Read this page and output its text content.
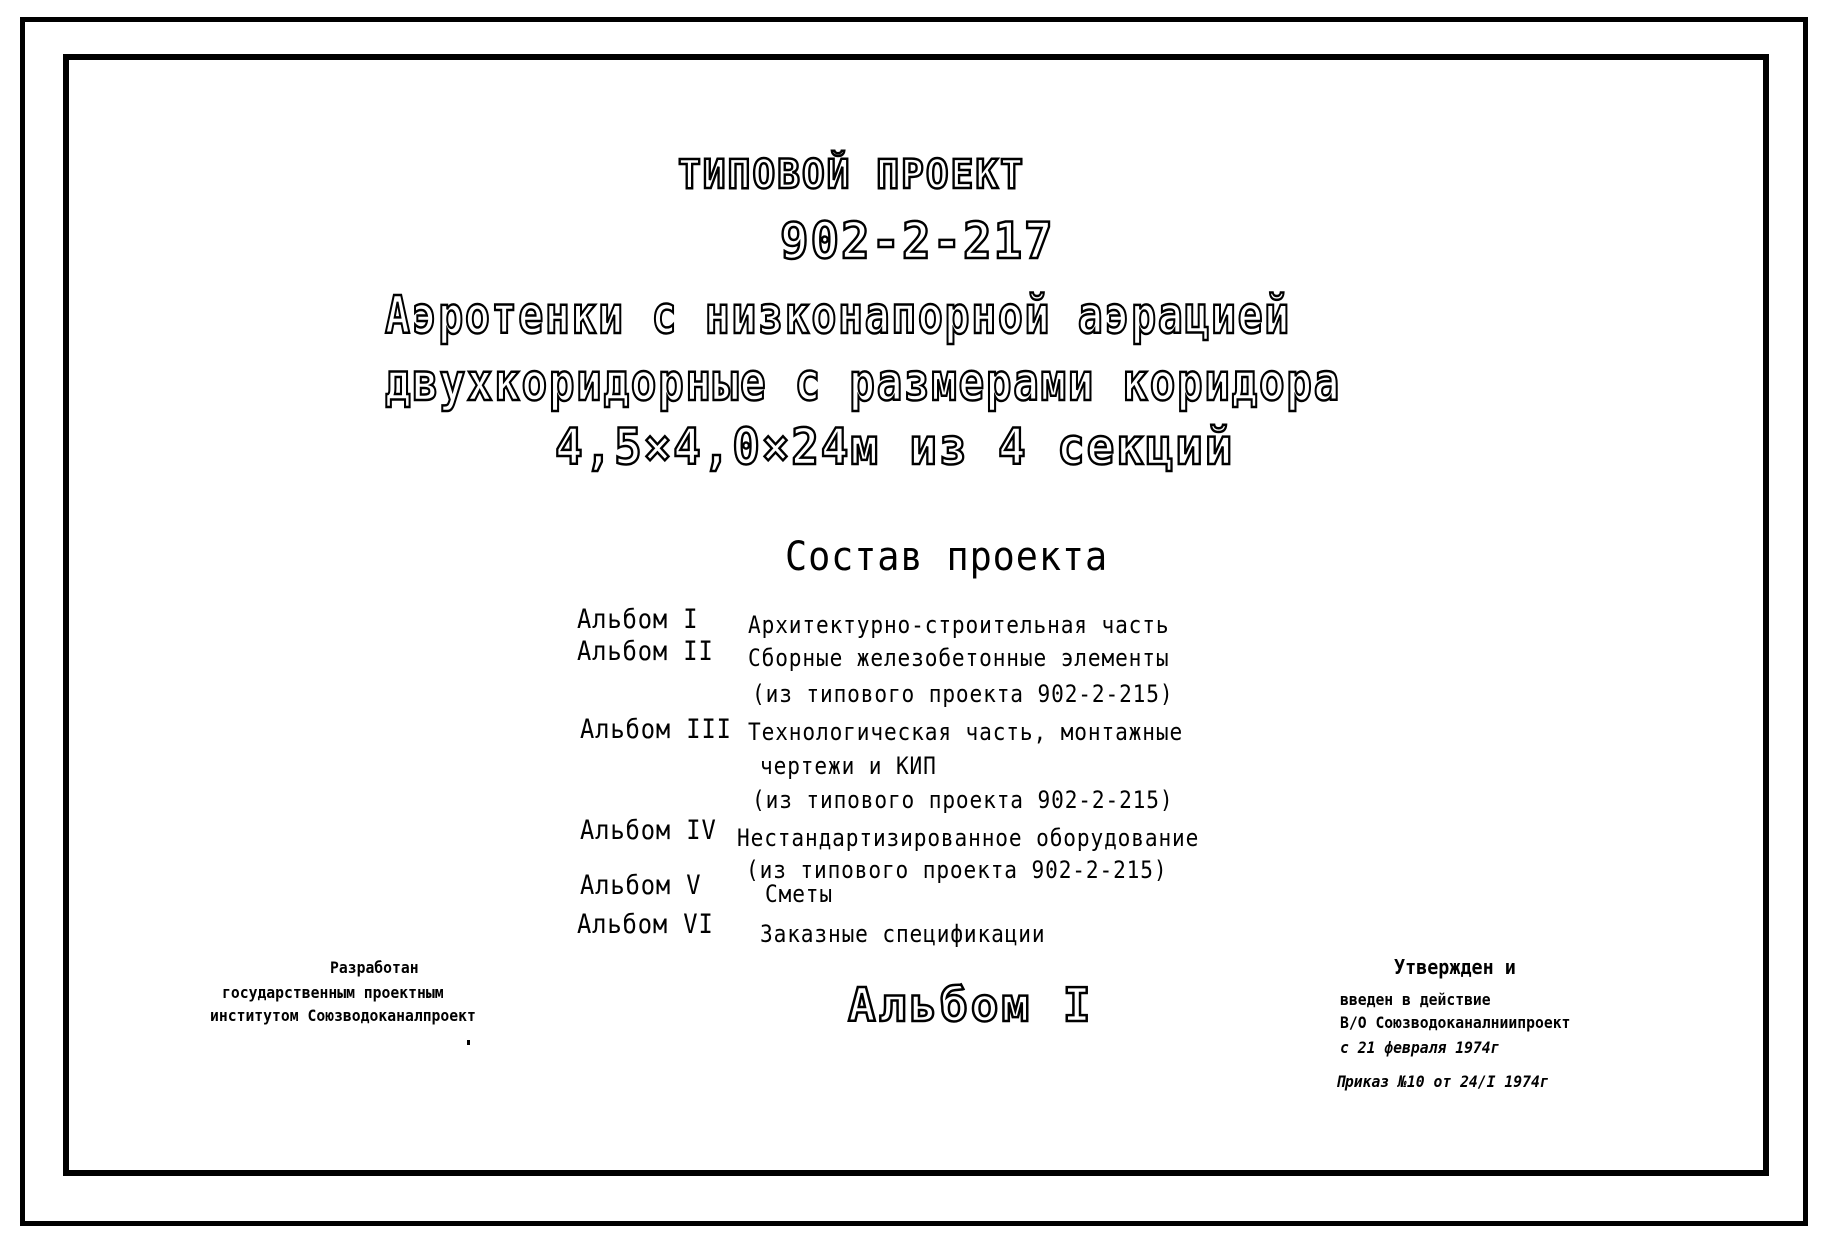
ТИПОВОЙ ПРОЕКТ
902-2-217
Аэротенки с низконапорной аэрацией
двухкоридорные с размерами коридора
4,5×4,0×24м из 4 секций
Состав проекта
Альбом I Архитектурно-строительная часть
Альбом II Сборные железобетонные элементы
(из типового проекта 902-2-215)
Альбом III Технологическая часть, монтажные
чертежи и КИП
(из типового проекта 902-2-215)
Альбом IV Нестандартизированное оборудование
(из типового проекта 902-2-215)
Альбом V	Сметы
Альбом VI Заказные спецификации
Разработан
государственным проектным
институтом Союзводоканалпроект	Альбом I
Утвержден и
введен в действие
В/О Союзводоканалниипроект
с 21 февраля 1974г
Приказ №10 от 24/I 1974г
